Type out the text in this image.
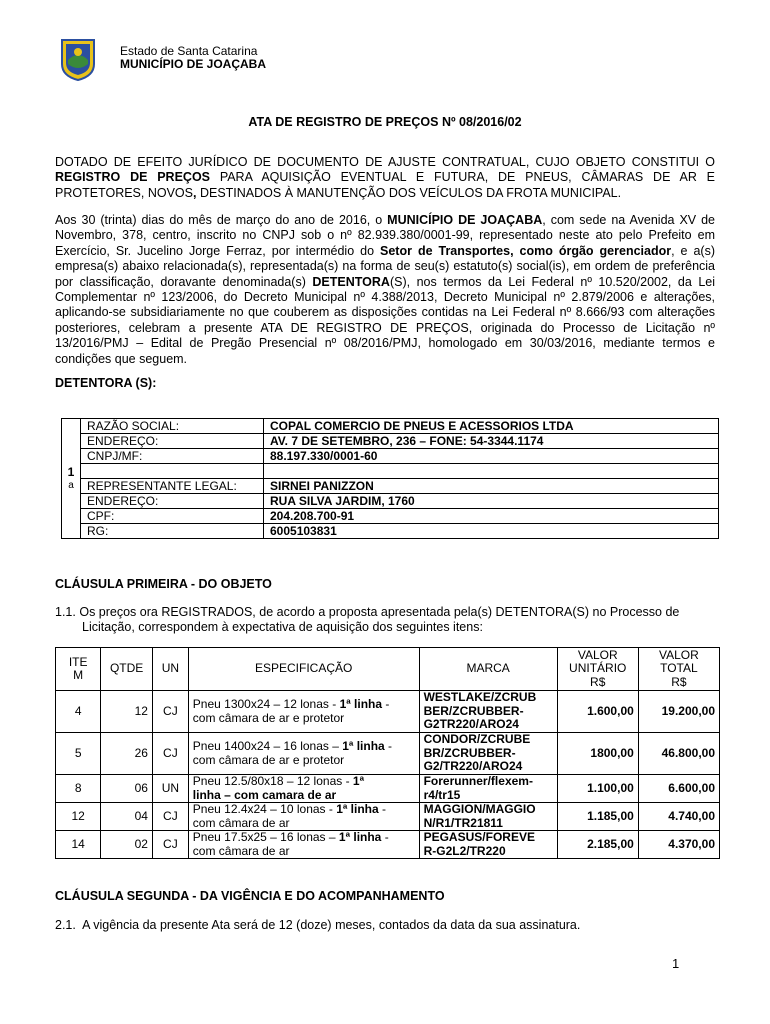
Estado de Santa Catarina
MUNICÍPIO DE JOAÇABA
ATA DE REGISTRO DE PREÇOS Nº 08/2016/02
DOTADO DE EFEITO JURÍDICO DE DOCUMENTO DE AJUSTE CONTRATUAL, CUJO OBJETO CONSTITUI O REGISTRO DE PREÇOS PARA AQUISIÇÃO EVENTUAL E FUTURA, DE PNEUS, CÂMARAS DE AR E PROTETORES, NOVOS, DESTINADOS À MANUTENÇÃO DOS VEÍCULOS DA FROTA MUNICIPAL.
Aos 30 (trinta) dias do mês de março do ano de 2016, o MUNICÍPIO DE JOAÇABA, com sede na Avenida XV de Novembro, 378, centro, inscrito no CNPJ sob o nº 82.939.380/0001-99, representado neste ato pelo Prefeito em Exercício, Sr. Jucelino Jorge Ferraz, por intermédio do Setor de Transportes, como órgão gerenciador, e a(s) empresa(s) abaixo relacionada(s), representada(s) na forma de seu(s) estatuto(s) social(is), em ordem de preferência por classificação, doravante denominada(s) DETENTORA(S), nos termos da Lei Federal nº 10.520/2002, da Lei Complementar nº 123/2006, do Decreto Municipal nº 4.388/2013, Decreto Municipal nº 2.879/2006 e alterações, aplicando-se subsidiariamente no que couberem as disposições contidas na Lei Federal nº 8.666/93 com alterações posteriores, celebram a presente ATA DE REGISTRO DE PREÇOS, originada do Processo de Licitação nº 13/2016/PMJ – Edital de Pregão Presencial nº 08/2016/PMJ, homologado em 30/03/2016, mediante termos e condições que seguem.
DETENTORA (S):
1
a	RAZÃO SOCIAL:	COPAL COMERCIO DE PNEUS E ACESSORIOS LTDA
	ENDEREÇO:	AV. 7 DE SETEMBRO, 236 – FONE: 54-3344.1174
	CNPJ/MF:	88.197.330/0001-60

	REPRESENTANTE LEGAL:	SIRNEI PANIZZON
	ENDEREÇO:	RUA SILVA JARDIM, 1760
	CPF:	204.208.700-91
	RG:	6005103831
CLÁUSULA PRIMEIRA - DO OBJETO
1.1. Os preços ora REGISTRADOS, de acordo a proposta apresentada pela(s) DETENTORA(S) no Processo de
Licitação, correspondem à expectativa de aquisição dos seguintes itens:
ITE
M	QTDE	UN	ESPECIFICAÇÃO	MARCA	VALOR
UNITÁRIO
R$	VALOR
TOTAL
R$
4	12	CJ	Pneu 1300x24 – 12 lonas - 1ª linha -
com câmara de ar e protetor	WESTLAKE/ZCRUB
BER/ZCRUBBER-
G2TR220/ARO24	1.600,00	19.200,00
5	26	CJ	Pneu 1400x24 – 16 lonas – 1ª linha -
com câmara de ar e protetor	CONDOR/ZCRUBE
BR/ZCRUBBER-
G2/TR220/ARO24	1800,00	46.800,00
8	06	UN	Pneu 12.5/80x18 – 12 lonas - 1ª
linha – com camara de ar	Forerunner/flexem-
r4/tr15	1.100,00	6.600,00
12	04	CJ	Pneu 12.4x24 – 10 lonas - 1ª linha -
com câmara de ar	MAGGION/MAGGIO
N/R1/TR21811	1.185,00	4.740,00
14	02	CJ	Pneu 17.5x25 – 16 lonas – 1ª linha -
com câmara de ar	PEGASUS/FOREVE
R-G2L2/TR220	2.185,00	4.370,00
CLÁUSULA SEGUNDA - DA VIGÊNCIA E DO ACOMPANHAMENTO
2.1. A vigência da presente Ata será de 12 (doze) meses, contados da data da sua assinatura.
1
